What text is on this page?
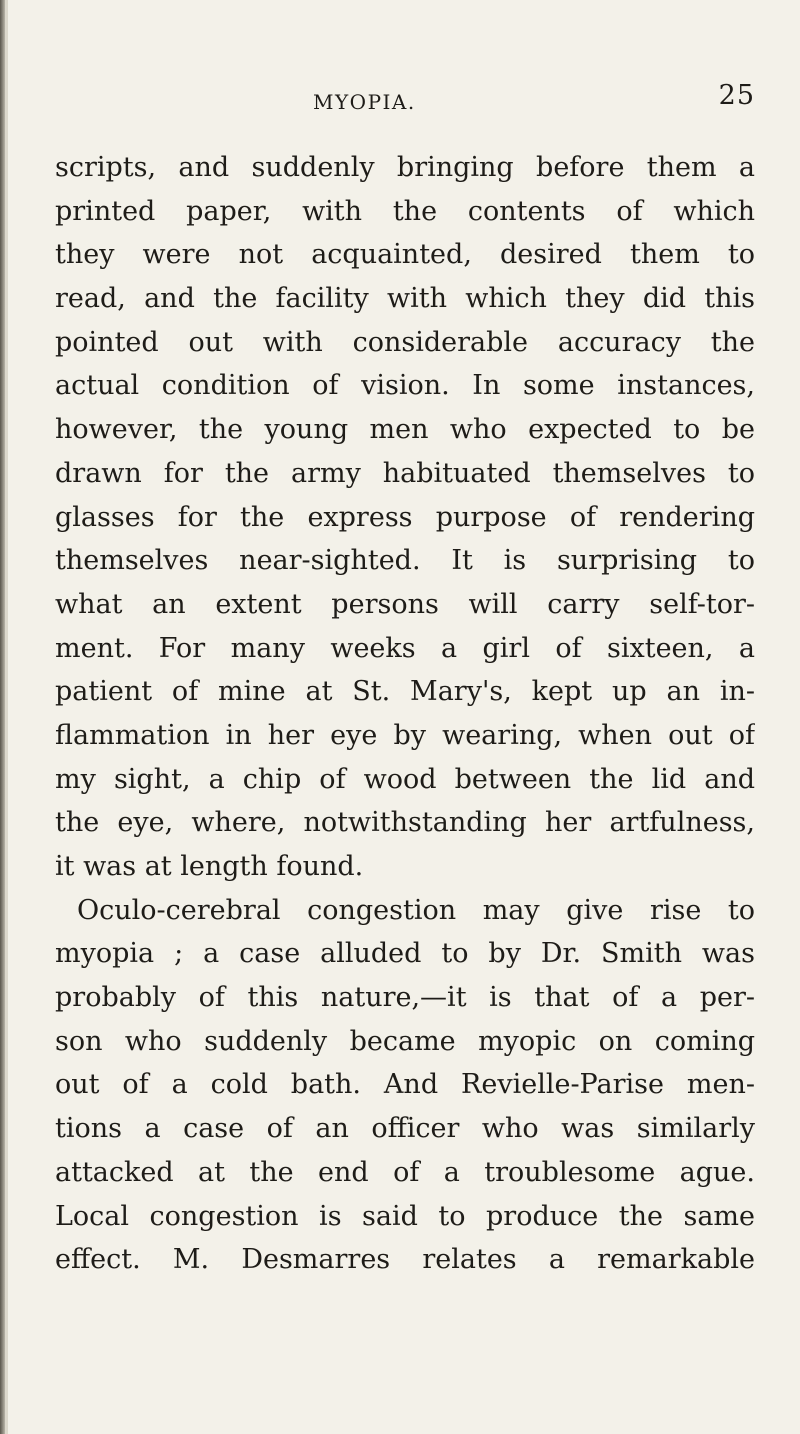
MYOPIA.	25
scripts, and suddenly bringing before them a
printed paper, with the contents of which
they were not acquainted, desired them to
read, and the facility with which they did this
pointed out with considerable accuracy the
actual condition of vision. In some instances,
however, the young men who expected to be
drawn for the army habituated themselves to
glasses for the express purpose of rendering
themselves near-sighted. It is surprising to
what an extent persons will carry self-tor-
ment. For many weeks a girl of sixteen, a
patient of mine at St. Mary's, kept up an in-
flammation in her eye by wearing, when out of
my sight, a chip of wood between the lid and
the eye, where, notwithstanding her artfulness,
it was at length found.
Oculo-cerebral congestion may give rise to
myopia ; a case alluded to by Dr. Smith was
probably of this nature,—it is that of a per-
son who suddenly became myopic on coming
out of a cold bath. And Revielle-Parise men-
tions a case of an officer who was similarly
attacked at the end of a troublesome ague.
Local congestion is said to produce the same
effect. M. Desmarres relates a remarkable
